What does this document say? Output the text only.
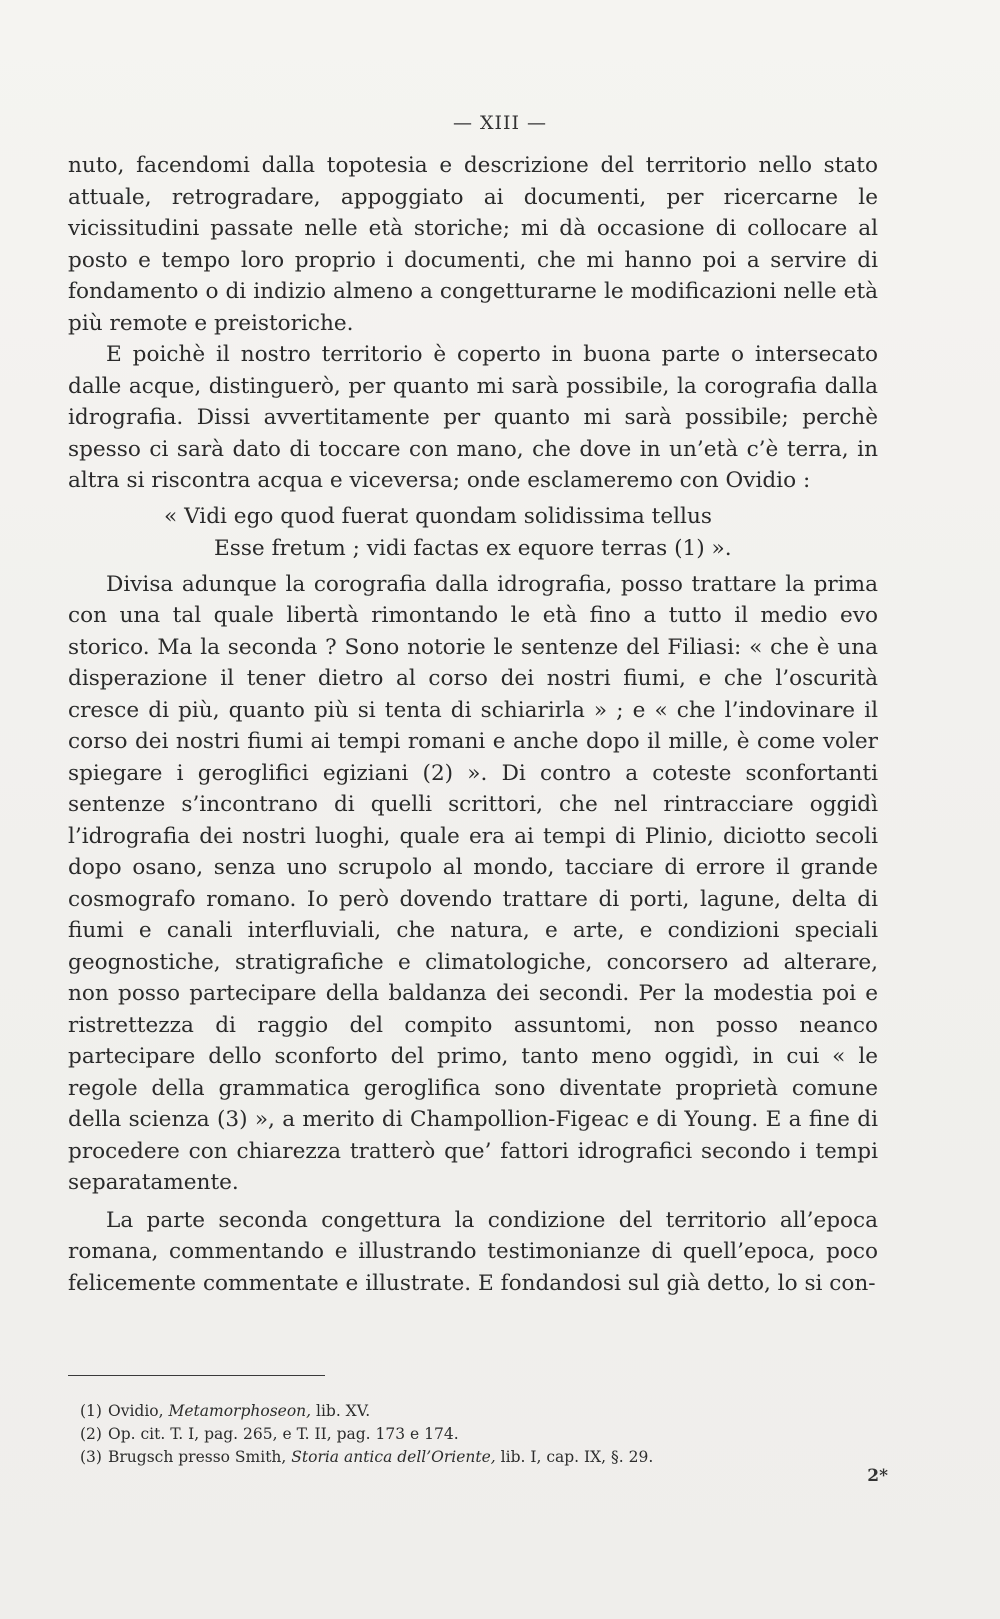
— XIII —

nuto, facendomi dalla topotesia e descrizione del territorio nello stato attuale, retrogradare, appoggiato ai documenti, per ricercarne le vicissitudini passate nelle età storiche; mi dà occasione di collocare al posto e tempo loro proprio i documenti, che mi hanno poi a servire di fondamento o di indizio almeno a congetturarne le modificazioni nelle età più remote e preistoriche.

E poichè il nostro territorio è coperto in buona parte o intersecato dalle acque, distinguerò, per quanto mi sarà possibile, la corografia dalla idrografia. Dissi avvertitamente per quanto mi sarà possibile; perchè spesso ci sarà dato di toccare con mano, che dove in un’età c’è terra, in altra si riscontra acqua e viceversa; onde esclameremo con Ovidio :

« Vidi ego quod fuerat quondam solidissima tellus
Esse fretum ; vidi factas ex equore terras (1) ».

Divisa adunque la corografia dalla idrografia, posso trattare la prima con una tal quale libertà rimontando le età fino a tutto il medio evo storico. Ma la seconda ? Sono notorie le sentenze del Filiasi: « che è una disperazione il tener dietro al corso dei nostri fiumi, e che l’oscurità cresce di più, quanto più si tenta di schiarirla » ; e « che l’indovinare il corso dei nostri fiumi ai tempi romani e anche dopo il mille, è come voler spiegare i geroglifici egiziani (2) ». Di contro a coteste sconfortanti sentenze s’incontrano di quelli scrittori, che nel rintracciare oggidì l’idrografia dei nostri luoghi, quale era ai tempi di Plinio, diciotto secoli dopo osano, senza uno scrupolo al mondo, tacciare di errore il grande cosmografo romano. Io però dovendo trattare di porti, lagune, delta di fiumi e canali interfluviali, che natura, e arte, e condizioni speciali geognostiche, stratigrafiche e climatologiche, concorsero ad alterare, non posso partecipare della baldanza dei secondi. Per la modestia poi e ristrettezza di raggio del compito assuntomi, non posso neanco partecipare dello sconforto del primo, tanto meno oggidì, in cui « le regole della grammatica geroglifica sono diventate proprietà comune della scienza (3) », a merito di Champollion-Figeac e di Young. E a fine di procedere con chiarezza tratterò que’ fattori idrografici secondo i tempi separatamente.

La parte seconda congettura la condizione del territorio all’epoca romana, commentando e illustrando testimonianze di quell’epoca, poco felicemente commentate e illustrate. E fondandosi sul già detto, lo si con-

(1) Ovidio, Metamorphoseon, lib. XV.
(2) Op. cit. T. I, pag. 265, e T. II, pag. 173 e 174.
(3) Brugsch presso Smith, Storia antica dell’Oriente, lib. I, cap. IX, §. 29.
2*
